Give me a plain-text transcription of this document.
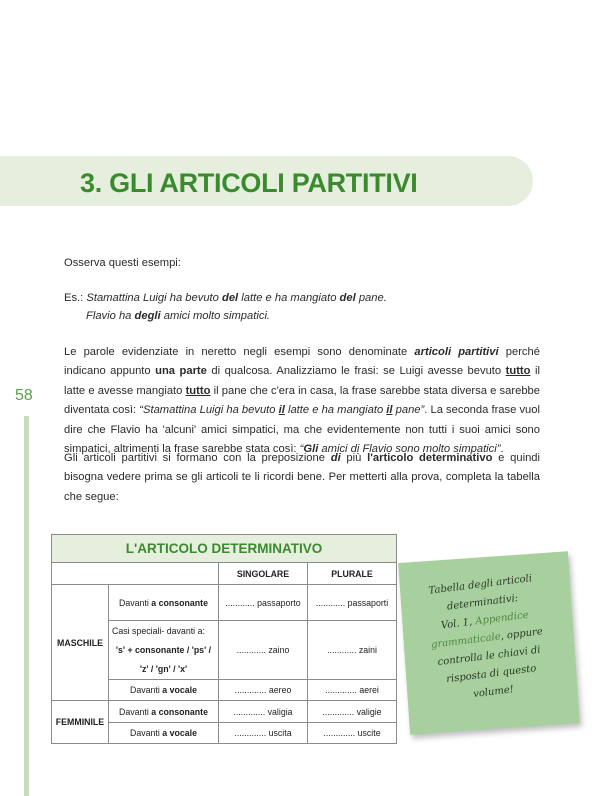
3. GLI ARTICOLI PARTITIVI
58

Osserva questi esempi:

Es.: Stamattina Luigi ha bevuto del latte e ha mangiato del pane.

Flavio ha degli amici molto simpatici.

Le parole evidenziate in neretto negli esempi sono denominate articoli partitivi perché indicano appunto una parte di qualcosa. Analizziamo le frasi: se Luigi avesse bevuto tutto il latte e avesse mangiato tutto il pane che c'era in casa, la frase sarebbe stata diversa e sarebbe diventata così: “Stamattina Luigi ha bevuto il latte e ha mangiato il pane”. La seconda frase vuol dire che Flavio ha 'alcuni' amici simpatici, ma che evidentemente non tutti i suoi amici sono simpatici, altrimenti la frase sarebbe stata così: “Gli amici di Flavio sono molto simpatici”.

Gli articoli partitivi si formano con la preposizione di più l'articolo determinativo e quindi bisogna vedere prima se gli articoli te li ricordi bene. Per metterti alla prova, completa la tabella che segue:

L'ARTICOLO DETERMINATIVO			
		SINGOLARE	PLURALE
MASCHILE	Davanti a consonante	............ passaporto	............ passaporti

	Casi speciali- davanti a:
's' + consonante / 'ps' /
'z' / 'gn' / 'x'	............ zaino	............ zaini
	Davanti a vocale	............. aereo	............. aerei
FEMMINILE	Davanti a consonante	............. valigia	............. valigie
	Davanti a vocale	............. uscita	............. uscite

Tabella degli articoli
determinativi:
Vol. 1, Appendice
grammaticale, oppure
controlla le chiavi di
risposta di questo
volume!
